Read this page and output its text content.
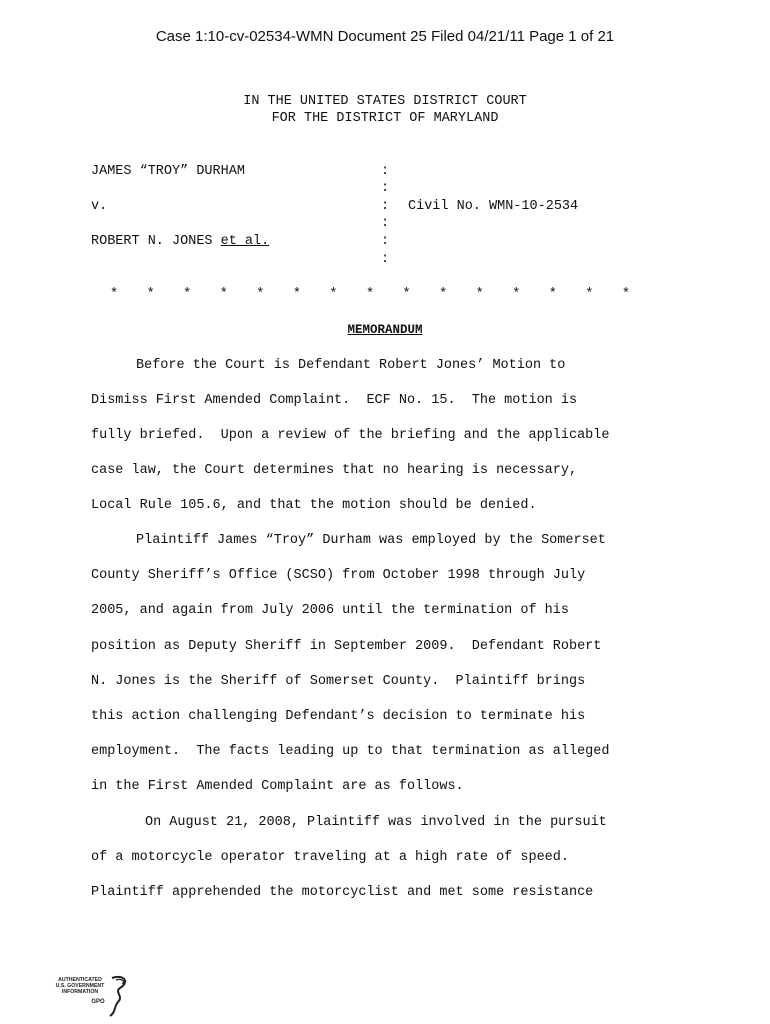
Case 1:10-cv-02534-WMN Document 25 Filed 04/21/11 Page 1 of 21
IN THE UNITED STATES DISTRICT COURT
FOR THE DISTRICT OF MARYLAND
JAMES “TROY” DURHAM
v.
ROBERT N. JONES et al.
Civil No. WMN-10-2534
:
:
:
:
:
:
* * * * * * * * * * * * * * *
MEMORANDUM
Before the Court is Defendant Robert Jones’ Motion to
Dismiss First Amended Complaint.  ECF No. 15.  The motion is
fully briefed.  Upon a review of the briefing and the applicable
case law, the Court determines that no hearing is necessary,
Local Rule 105.6, and that the motion should be denied.
Plaintiff James “Troy” Durham was employed by the Somerset
County Sheriff’s Office (SCSO) from October 1998 through July
2005, and again from July 2006 until the termination of his
position as Deputy Sheriff in September 2009.  Defendant Robert
N. Jones is the Sheriff of Somerset County.  Plaintiff brings
this action challenging Defendant’s decision to terminate his
employment.  The facts leading up to that termination as alleged
in the First Amended Complaint are as follows.
On August 21, 2008, Plaintiff was involved in the pursuit
of a motorcycle operator traveling at a high rate of speed.
Plaintiff apprehended the motorcyclist and met some resistance
AUTHENTICATED
U.S. GOVERNMENT
INFORMATION
GPO
